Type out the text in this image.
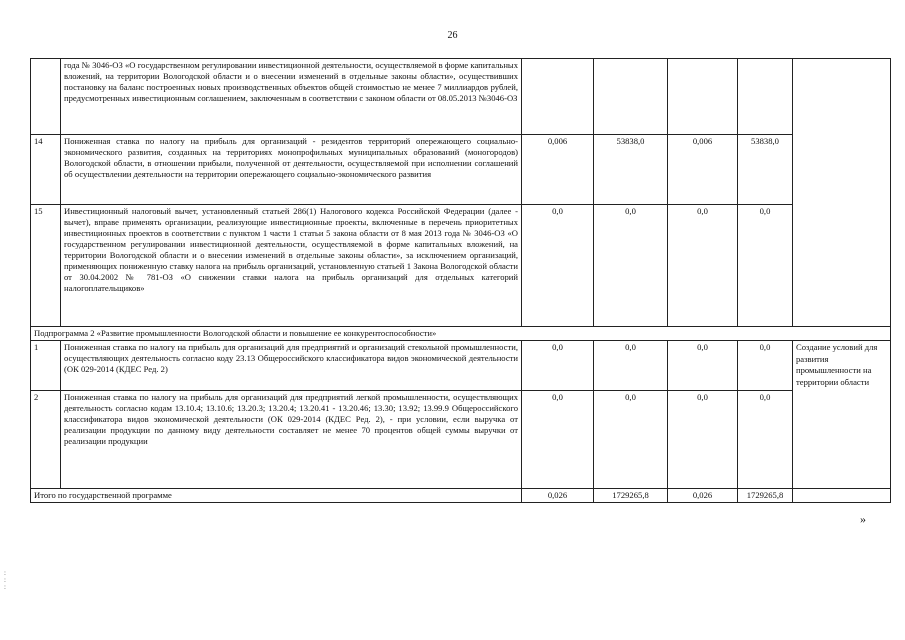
26
	года № 3046-ОЗ «О государственном регулировании инвестиционной деятельности, осуществляемой в форме капитальных вложений, на территории Вологодской области и о внесении изменений в отдельные законы области», осуществивших постановку на баланс построенных новых производственных объектов общей стоимостью не менее 7 миллиардов рублей, предусмотренных инвестиционным соглашением, заключенным в соответствии с законом области от 08.05.2013 №3046-ОЗ					
14	Пониженная ставка по налогу на прибыль для организаций - резидентов территорий опережающего социально-экономического развития, созданных на территориях монопрофильных муниципальных образований (моногородов) Вологодской области, в отношении прибыли, полученной от деятельности, осуществляемой при исполнении соглашений об осуществлении деятельности на территории опережающего социально-экономического развития	0,006	53838,0	0,006	53838,0	
15	Инвестиционный налоговый вычет, установленный статьей 286(1) Налогового кодекса Российской Федерации (далее - вычет), вправе применять организации, реализующие инвестиционные проекты, включенные в перечень приоритетных инвестиционных проектов в соответствии с пунктом 1 части 1 статьи 5 закона области от 8 мая 2013 года № 3046-ОЗ «О государственном регулировании инвестиционной деятельности, осуществляемой в форме капитальных вложений, на территории Вологодской области и о внесении изменений в отдельные законы области», за исключением организаций, применяющих пониженную ставку налога на прибыль организаций, установленную статьей 1 Закона Вологодской области от 30.04.2002 № 781-ОЗ «О снижении ставки налога на прибыль организаций для отдельных категорий налогоплательщиков»	0,0	0,0	0,0	0,0	
Подпрограмма 2 «Развитие промышленности Вологодской области и повышение ее конкурентоспособности»						
1	Пониженная ставка по налогу на прибыль для организаций для предприятий и организаций стекольной промышленности, осуществляющих деятельность согласно коду 23.13 Общероссийского классификатора видов экономической деятельности (ОК 029-2014 (КДЕС Ред. 2)	0,0	0,0	0,0	0,0	Создание условий для развития промышленности на территории области
2	Пониженная ставка по налогу на прибыль для организаций для предприятий легкой промышленности, осуществляющих деятельность согласно кодам 13.10.4; 13.10.6; 13.20.3; 13.20.4; 13.20.41 - 13.20.46; 13.30; 13.92; 13.99.9 Общероссийского классификатора видов экономической деятельности (ОК 029-2014 (КДЕС Ред. 2), - при условии, если выручка от реализации продукции по данному виду деятельности составляет не менее 70 процентов общей суммы выручки от реализации продукции	0,0	0,0	0,0	0,0	
Итого по государственной программе		0,026	1729265,8	0,026	1729265,8	
»
:
:
:
